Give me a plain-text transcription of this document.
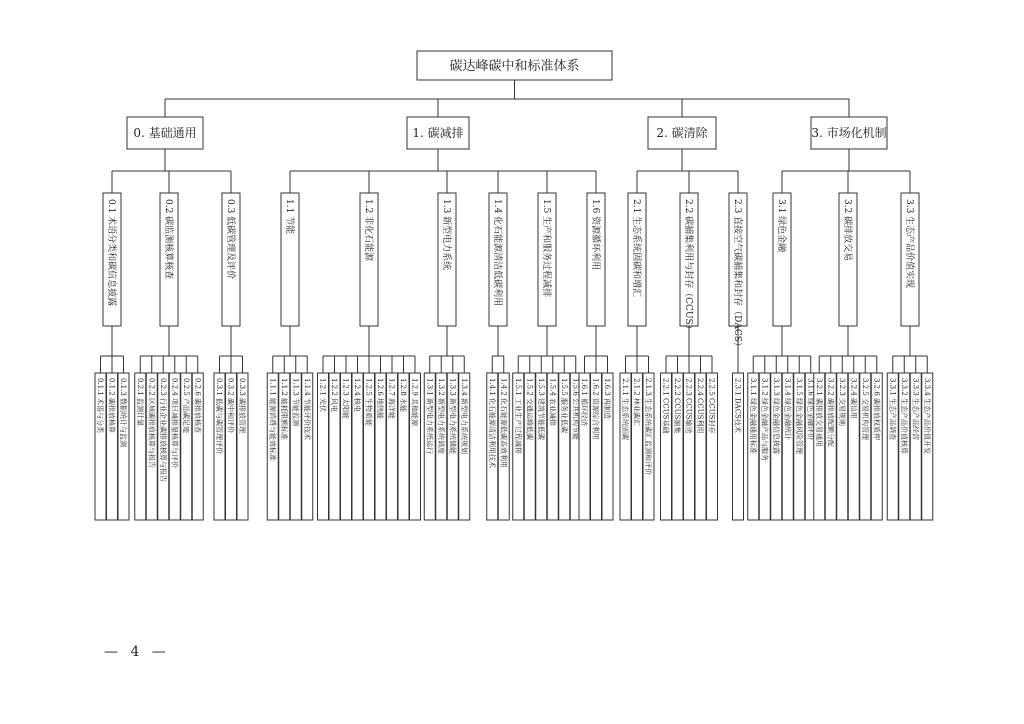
0. 基础通用
0.1 术语分类和碳信息披露
0.1.1 术语与分类 0.1.2 碳排放核算 0.1.3 数据统计与监测
0.2 碳监测核算核查
0.2.1 监测计量 0.2.2 区域碳排放核算与报告 0.2.3 行业企业碳排放核算与报告 0.2.4 项目减排量核算与评价 0.2.5 产品碳足迹 0.2.6 碳排放核查
0.3 低碳管理及评价
0.3.1 低碳与碳管理评价 0.3.2 碳中和评价 0.3.3 碳排放管理
1. 碳减排
1.1 节能
1.1.1 能源消费与能效标准 1.1.2 能耗限额标准 1.1.3 节能监测 1.1.4 节能评价技术
1.2 非化石能源
1.2.1 光伏 1.2.2 风电 1.2.3 太阳能 1.2.4 核电 1.2.5 生物质能 1.2.6 地热能 1.2.7 海洋能 1.2.8 水能 1.2.9 其他能源
1.3 新型电力系统
1.3.1 新型电力系统运行 1.3.2 新型电力系统调度 1.3.3 新型电力系统储能 1.3.4 新型电力系统规划
1.4 化石能源清洁低碳利用
1.4.1 化石能源清洁利用技术 1.4.2 化石能源低碳高效利用
1.5 生产和服务过程减排
1.5.1 工业生产过程减排 1.5.2 交通运输低碳 1.5.3 建筑节能低碳 1.5.4 农业减排 1.5.5 服务业低碳 1.5.6 公共机构节能
1.6 资源循环利用
1.6.1 循环经济 1.6.2 资源综合利用 1.6.3 再制造
2. 碳清除
2.1 生态系统固碳和增汇
2.1.1 生态系统固碳 2.1.2 林业碳汇 2.1.3 生态系统碳汇监测和评价
2.2 碳捕集利用与封存（CCUS）
2.2.1 CCUS基础 2.2.2 CCUS捕集 2.2.3 CCUS输送 2.2.4 CCUS利用 2.2.5 CCUS封存
2.3 直接空气碳捕集和封存（DACS）
2.3.1 DACS技术
3. 市场化机制
3.1 绿色金融
3.1.1 绿色金融通用标准 3.1.2 绿色金融产品与服务 3.1.3 绿色金融信息披露 3.1.4 绿色金融统计 3.1.5 绿色金融风险管理 3.1.6 绿色金融评价
3.2 碳排放交易
3.2.1 碳排放交易通用 3.2.2 碳排放配额分配 3.2.3 交易规则 3.2.4 碳信用 3.2.5 交易机构管理 3.2.6 碳排放权质押
3.3 生态产品价值实现
3.3.1 生态产品调查 3.3.2 生态产品价值核算 3.3.3 生态产品经营 3.3.4 生态产品价值开发
碳达峰碳中和标准体系
— 4 —
